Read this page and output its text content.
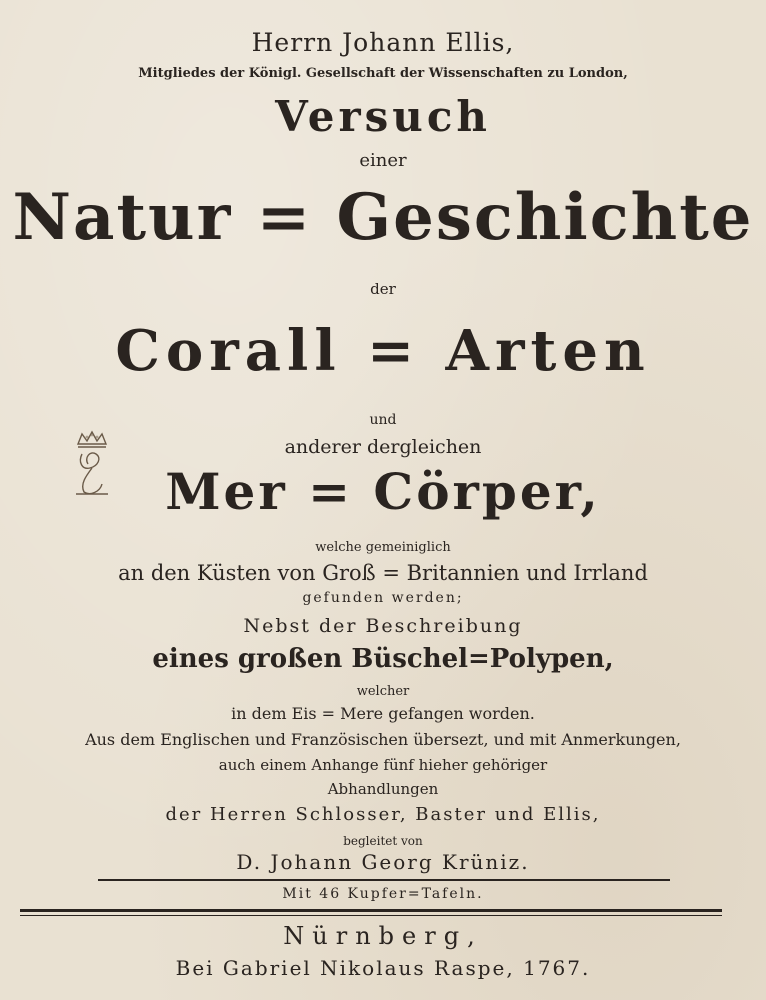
Herrn Johann Ellis,

Mitgliedes der Königl. Gesellschaft der Wissenschaften zu London,

Versuch

einer

Natur = Geschichte

der

Corall = Arten

und

anderer dergleichen

Mer = Cörper,

welche gemeiniglich

an den Küsten von Groß = Britannien und Irrland

gefunden werden;

Nebst der Beschreibung

eines großen Büschel=Polypen,

welcher

in dem Eis = Mere gefangen worden.

Aus dem Englischen und Französischen übersezt, und mit Anmerkungen,

auch einem Anhange fünf hieher gehöriger

Abhandlungen

der Herren Schlosser, Baster und Ellis,

begleitet von

D. Johann Georg Krüniz.

Mit 46 Kupfer=Tafeln.

Nürnberg,

Bei Gabriel Nikolaus Raspe, 1767.
